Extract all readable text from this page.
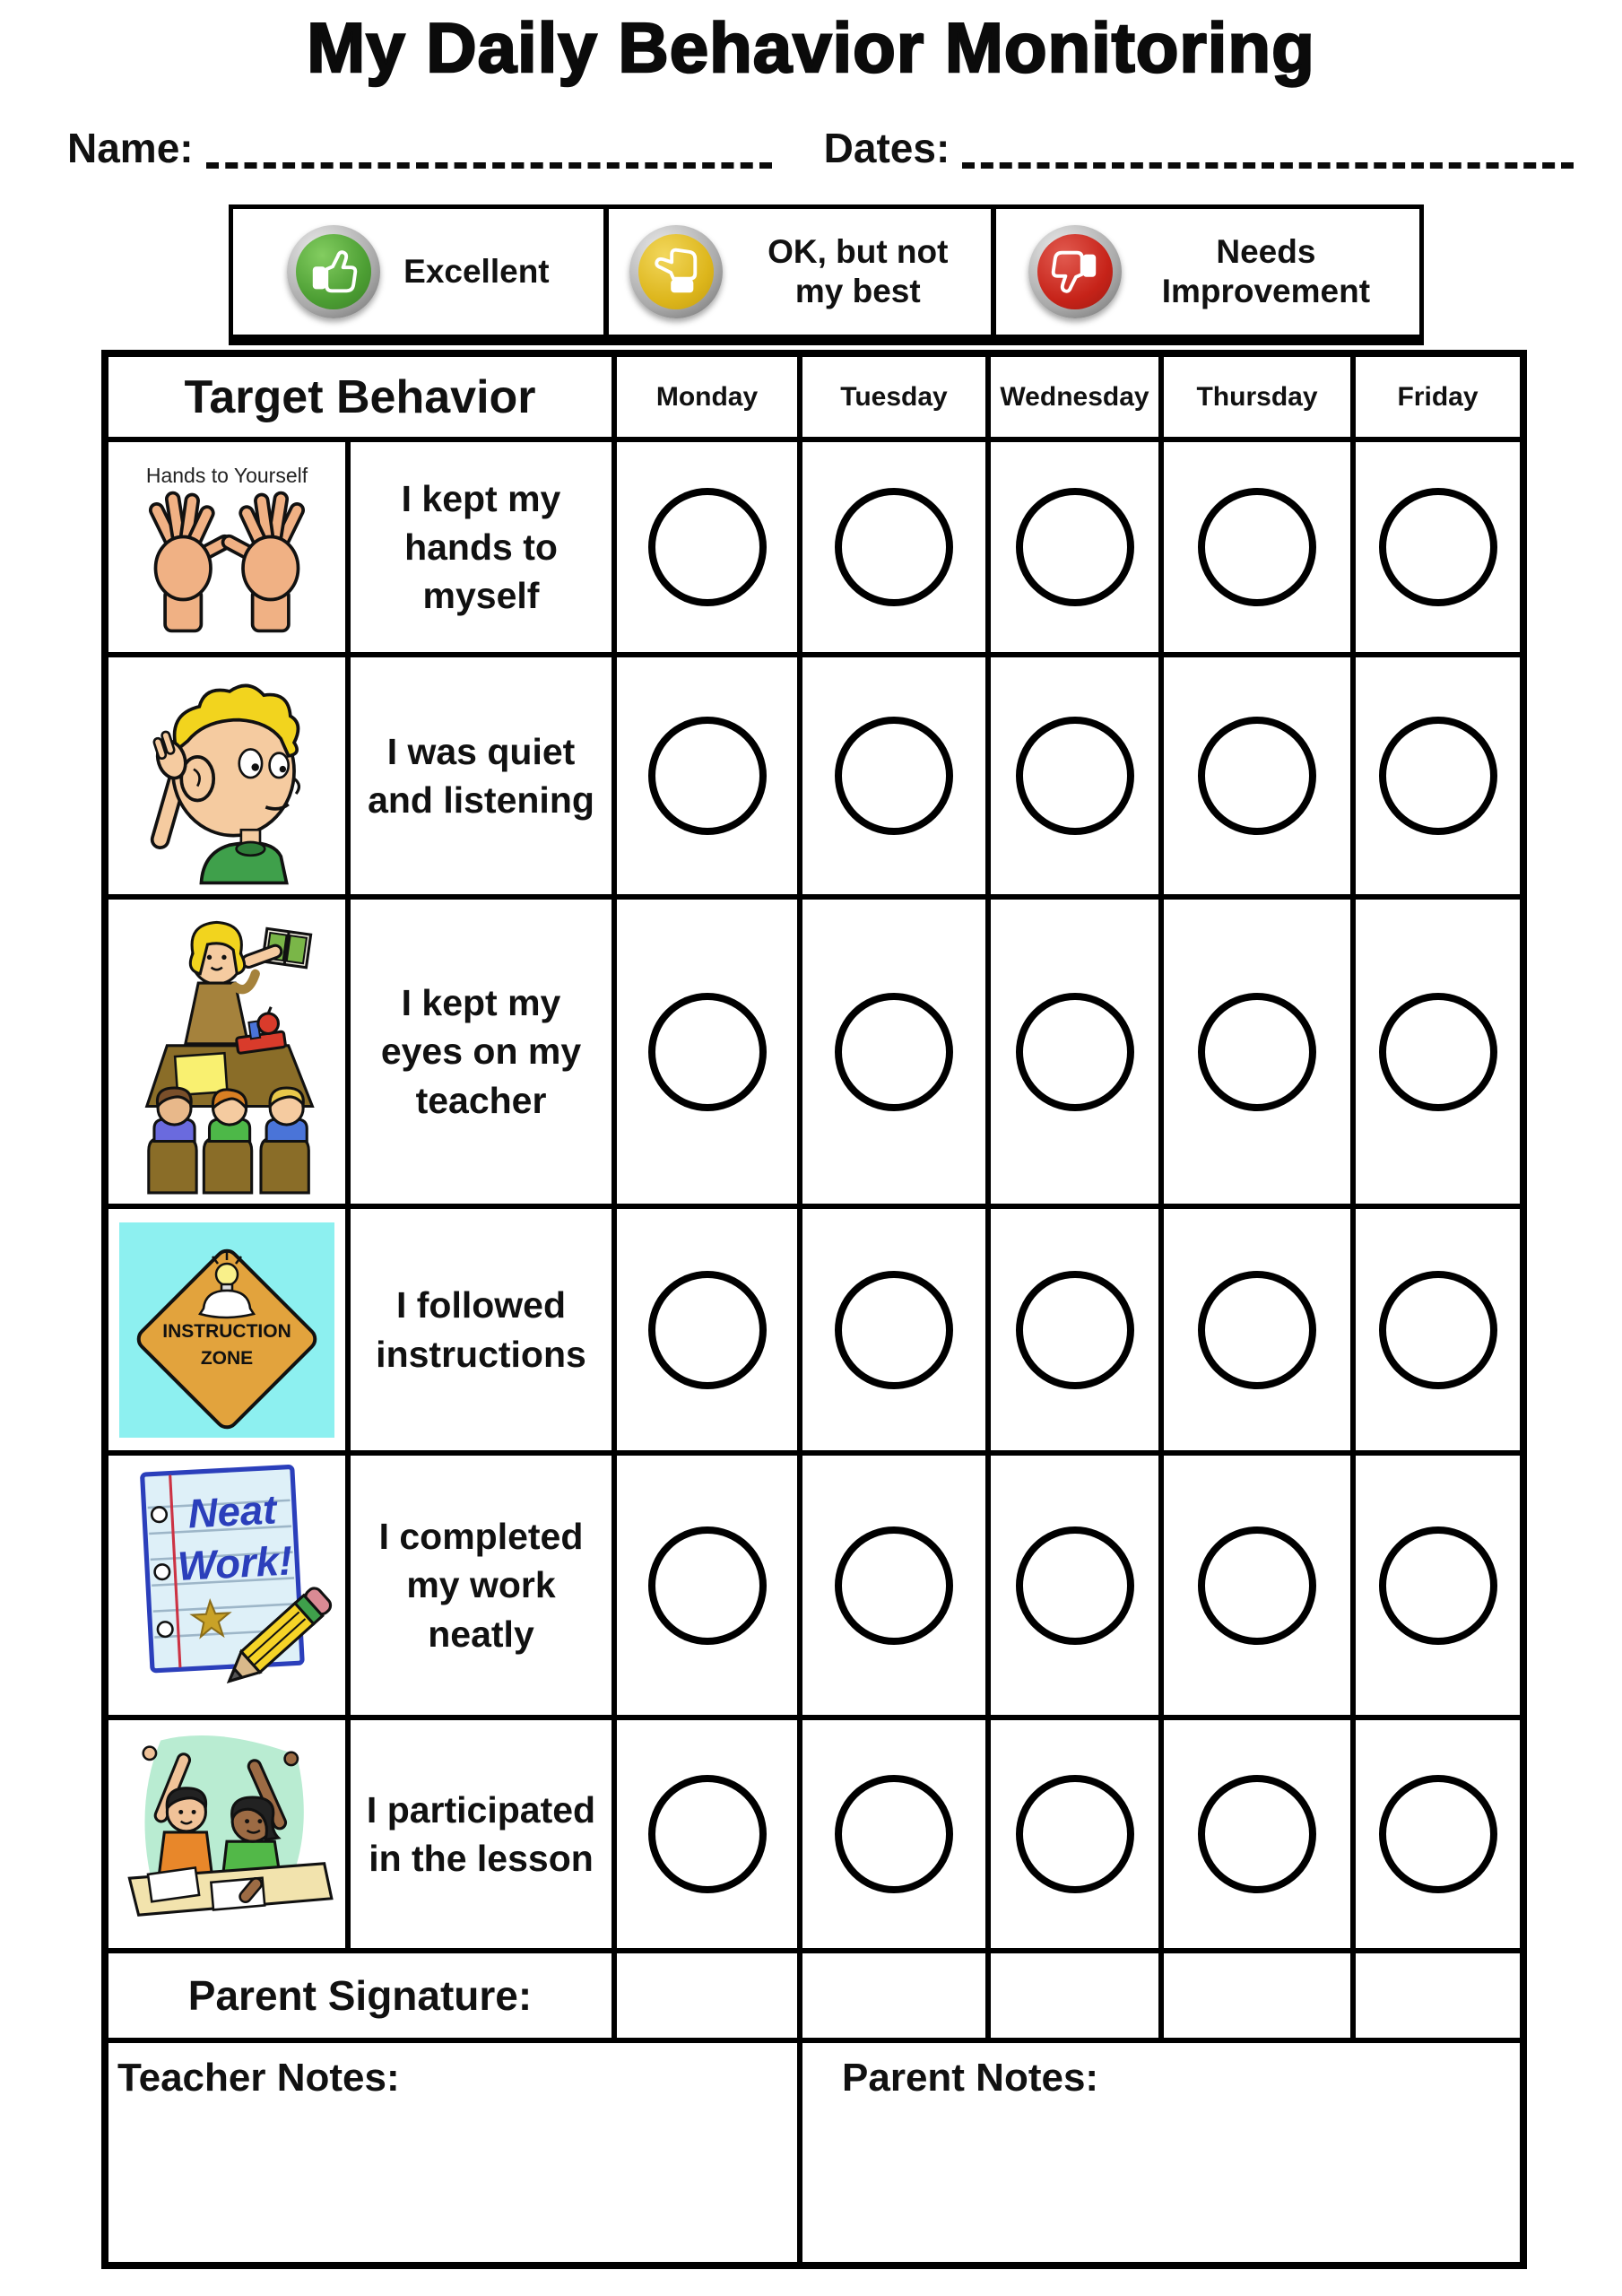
My Daily Behavior Monitoring
Name:	Dates:
Excellent
OK, but not my best
Needs Improvement
Target Behavior	Monday	Tuesday	Wednesday	Thursday	Friday
Hands to Yourself
I kept my hands to myself
I was quiet and listening
I kept my eyes on my teacher
INSTRUCTION
ZONE
I followed instructions
Neat
Work!
I completed my work neatly
I participated in the lesson
Parent Signature:
Teacher Notes:	Parent Notes:
